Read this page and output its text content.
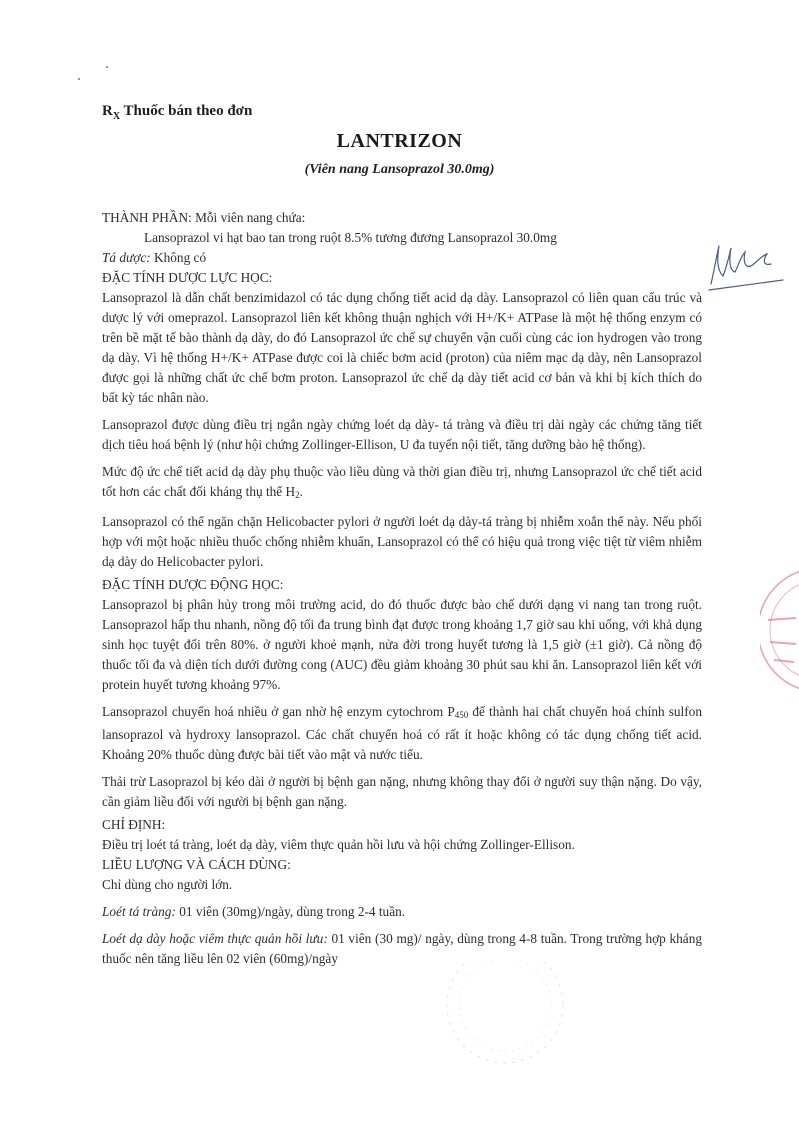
$R_X$ Thuốc bán theo đơn
LANTRIZON
(Viên nang Lansoprazol 30.0mg)

THÀNH PHẦN: Mỗi viên nang chứa:

Lansoprazol vi hạt bao tan trong ruột 8.5% tương đương Lansoprazol 30.0mg

Tá dược: Không có

ĐẶC TÍNH DƯỢC LỰC HỌC:

Lansoprazol là dẫn chất benzimidazol có tác dụng chống tiết acid dạ dày. Lansoprazol có liên quan cấu trúc và dược lý với omeprazol. Lansoprazol liên kết không thuận nghịch với H+/K+ ATPase là một hệ thống enzym có trên bề mặt tế bào thành dạ dày, do đó Lansoprazol ức chế sự chuyển vận cuối cùng các ion hydrogen vào trong dạ dày. Vì hệ thống H+/K+ ATPase được coi là chiếc bơm acid (proton) của niêm mạc dạ dày, nên Lansoprazol được gọi là những chất ức chế bơm proton. Lansoprazol ức chế dạ dày tiết acid cơ bản và khi bị kích thích do bất kỳ tác nhân nào.

Lansoprazol được dùng điều trị ngắn ngày chứng loét dạ dày- tá tràng và điều trị dài ngày các chứng tăng tiết dịch tiêu hoá bệnh lý (như hội chứng Zollinger-Ellison, U đa tuyến nội tiết, tăng dưỡng bào hệ thống).

Mức độ ức chế tiết acid dạ dày phụ thuộc vào liều dùng và thời gian điều trị, nhưng Lansoprazol ức chế tiết acid tốt hơn các chất đối kháng thụ thể H2.

Lansoprazol có thể ngăn chặn Helicobacter pylori ở người loét dạ dày-tá tràng bị nhiễm xoắn thể này. Nếu phối hợp với một hoặc nhiều thuốc chống nhiễm khuẩn, Lansoprazol có thể có hiệu quả trong việc tiệt từ viêm nhiễm dạ dày do Helicobacter pylori.

ĐẶC TÍNH DƯỢC ĐỘNG HỌC:

Lansoprazol bị phân hủy trong môi trường acid, do đó thuốc được bào chế dưới dạng vi nang tan trong ruột. Lansoprazol hấp thu nhanh, nồng độ tối đa trung bình đạt được trong khoảng 1,7 giờ sau khi uống, với khả dụng sinh học tuyệt đối trên 80%. ở người khoẻ mạnh, nửa đời trong huyết tương là 1,5 giờ (±1 giờ). Cả nồng độ thuốc tối đa và diện tích dưới đường cong (AUC) đều giảm khoảng 30 phút sau khi ăn. Lansoprazol liên kết với protein huyết tương khoảng 97%.

Lansoprazol chuyển hoá nhiều ở gan nhờ hệ enzym cytochrom P450 để thành hai chất chuyển hoá chính sulfon lansoprazol và hydroxy lansoprazol. Các chất chuyển hoá có rất ít hoặc không có tác dụng chống tiết acid. Khoảng 20% thuốc dùng được bài tiết vào mật và nước tiểu.

Thải trừ Lasoprazol bị kéo dài ở người bị bệnh gan nặng, nhưng không thay đổi ở người suy thận nặng. Do vậy, cần giảm liều đối với người bị bệnh gan nặng.

CHỈ ĐỊNH:

Điều trị loét tá tràng, loét dạ dày, viêm thực quản hồi lưu và hội chứng Zollinger-Ellison.

LIỀU LƯỢNG VÀ CÁCH DÙNG:

Chỉ dùng cho người lớn.

Loét tá tràng: 01 viên (30mg)/ngày, dùng trong 2-4 tuần.

Loét dạ dày hoặc viêm thực quản hồi lưu: 01 viên (30 mg)/ ngày, dùng trong 4-8 tuần. Trong trường hợp kháng thuốc nên tăng liều lên 02 viên (60mg)/ngày
